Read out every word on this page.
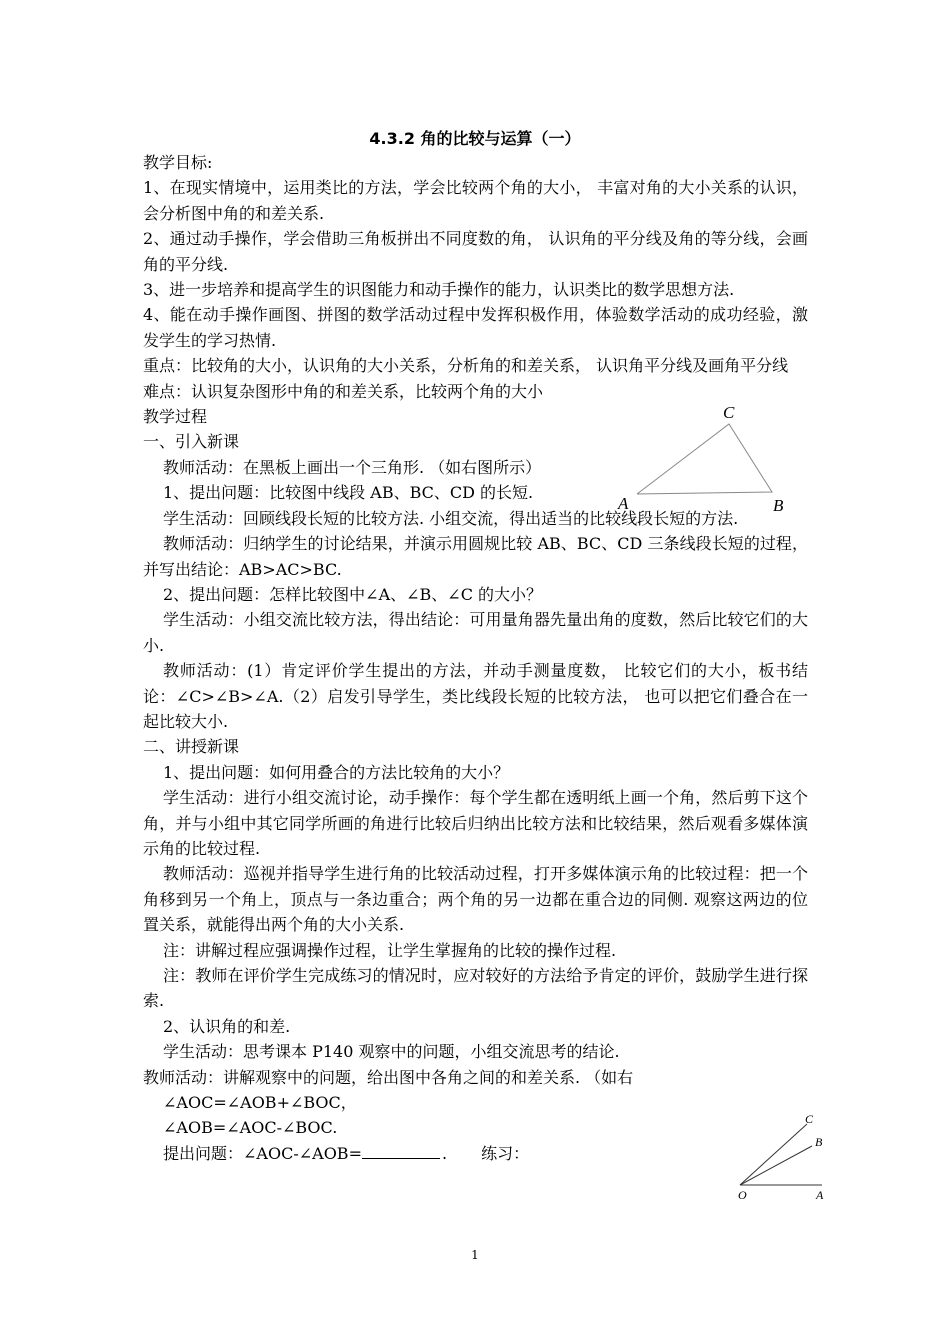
4.3.2 角的比较与运算（一）

教学目标:

1、在现实情境中，运用类比的方法，学会比较两个角的大小， 丰富对角的大小关系的认识，会分析图中角的和差关系.

2、通过动手操作，学会借助三角板拼出不同度数的角， 认识角的平分线及角的等分线，会画角的平分线.

3、进一步培养和提高学生的识图能力和动手操作的能力，认识类比的数学思想方法.

4、能在动手操作画图、拼图的数学活动过程中发挥积极作用，体验数学活动的成功经验，激发学生的学习热情.

重点：比较角的大小，认识角的大小关系，分析角的和差关系， 认识角平分线及画角平分线

难点：认识复杂图形中角的和差关系，比较两个角的大小

教学过程

一、引入新课

教师活动：在黑板上画出一个三角形. （如右图所示）

1、提出问题：比较图中线段 AB、BC、CD 的长短.

学生活动：回顾线段长短的比较方法. 小组交流，得出适当的比较线段长短的方法.

教师活动：归纳学生的讨论结果，并演示用圆规比较 AB、BC、CD 三条线段长短的过程，并写出结论：AB>AC>BC.

2、提出问题：怎样比较图中∠A、∠B、∠C 的大小？

学生活动：小组交流比较方法，得出结论：可用量角器先量出角的度数，然后比较它们的大小.

教师活动：(1）肯定评价学生提出的方法，并动手测量度数， 比较它们的大小，板书结论：∠C>∠B>∠A.（2）启发引导学生，类比线段长短的比较方法， 也可以把它们叠合在一起比较大小.

二、讲授新课

1、提出问题：如何用叠合的方法比较角的大小？

学生活动：进行小组交流讨论，动手操作：每个学生都在透明纸上画一个角，然后剪下这个角，并与小组中其它同学所画的角进行比较后归纳出比较方法和比较结果，然后观看多媒体演示角的比较过程.

教师活动：巡视并指导学生进行角的比较活动过程，打开多媒体演示角的比较过程：把一个角移到另一个角上，顶点与一条边重合；两个角的另一边都在重合边的同侧. 观察这两边的位置关系，就能得出两个角的大小关系.

注：讲解过程应强调操作过程，让学生掌握角的比较的操作过程.

注：教师在评价学生完成练习的情况时，应对较好的方法给予肯定的评价，鼓励学生进行探索.

2、认识角的和差.

学生活动：思考课本 P140 观察中的问题，小组交流思考的结论.

教师活动：讲解观察中的问题，给出图中各角之间的和差关系. （如右

∠AOC=∠AOB+∠BOC，

∠AOB=∠AOC-∠BOC.

提出问题：∠AOC-∠AOB=	. 练习：

C
A	B
C
B
O	A
1
